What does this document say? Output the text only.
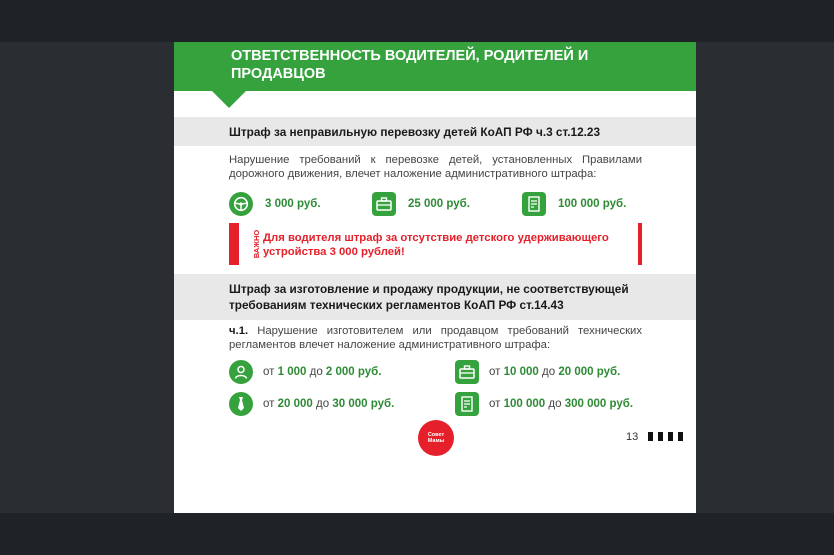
ОТВЕТСТВЕННОСТЬ ВОДИТЕЛЕЙ, РОДИТЕЛЕЙ И ПРОДАВЦОВ
Штраф за неправильную перевозку детей КоАП РФ ч.3 ст.12.23
Нарушение требований к перевозке детей, установленных Правилами дорожного движения, влечет наложение административного штрафа:
3 000 руб.	25 000 руб.	100 000 руб.
ВАЖНО Для водителя штраф за отсутствие детского удерживающего устройства 3 000 рублей!
Штраф за изготовление и продажу продукции, не соответствующей требованиям технических регламентов КоАП РФ ст.14.43
ч.1. Нарушение изготовителем или продавцом требований технических регламентов влечет наложение административного штрафа:
от 1 000 до 2 000 руб.	от 10 000 до 20 000 руб.
от 20 000 до 30 000 руб.	от 100 000 до 300 000 руб.
Совет
Мамы	13
